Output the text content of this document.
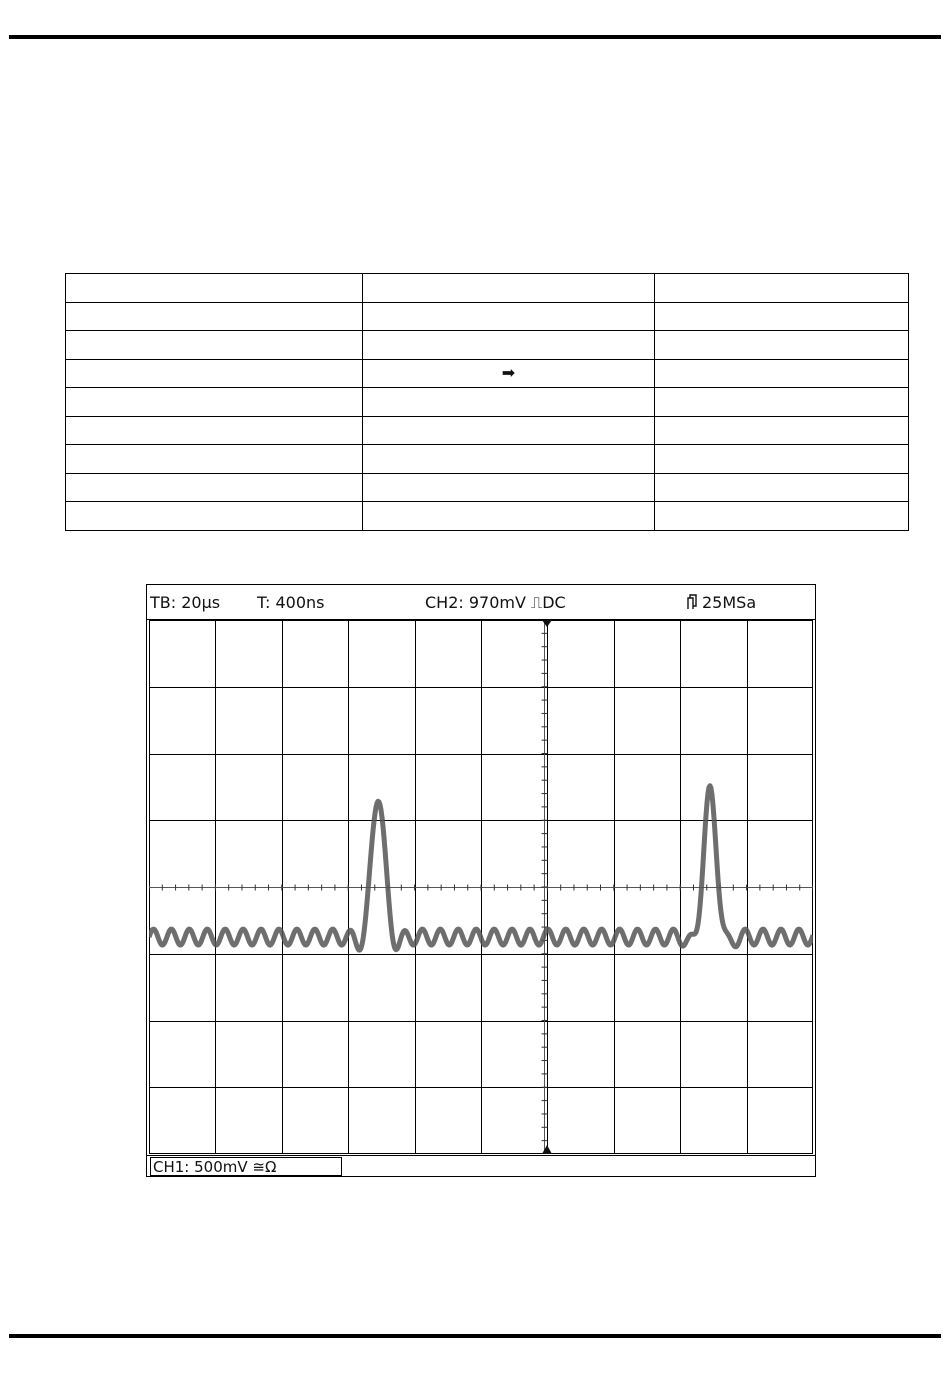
	➡	

TB: 20µs T: 400ns	CH2: 970mV ⎍DC	25MSa
CH1: 500mV ≅Ω
